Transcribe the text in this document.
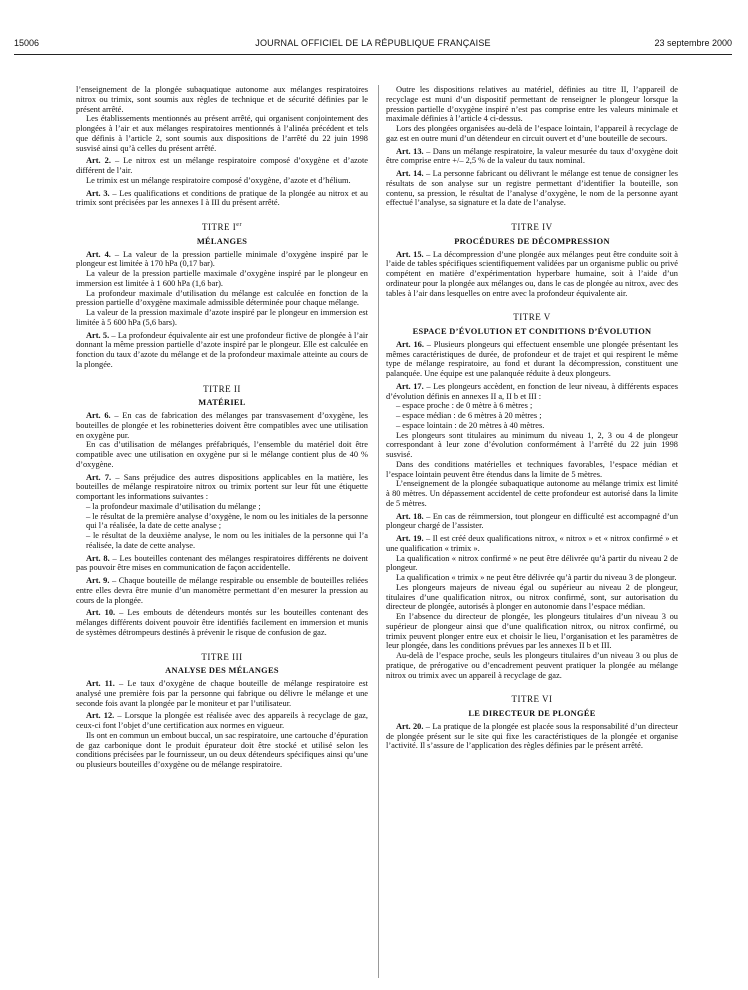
15006	JOURNAL OFFICIEL DE LA RÉPUBLIQUE FRANÇAISE	23 septembre 2000

l’enseignement de la plongée subaquatique autonome aux mélanges respiratoires nitrox ou trimix, sont soumis aux règles de technique et de sécurité définies par le présent arrêté.

Les établissements mentionnés au présent arrêté, qui organisent conjointement des plongées à l’air et aux mélanges respiratoires mentionnés à l’alinéa précédent et tels que définis à l’article 2, sont soumis aux dispositions de l’arrêté du 22 juin 1998 susvisé ainsi qu’à celles du présent arrêté.

Art. 2. – Le nitrox est un mélange respiratoire composé d’oxygène et d’azote différent de l’air.

Le trimix est un mélange respiratoire composé d’oxygène, d’azote et d’hélium.

Art. 3. – Les qualifications et conditions de pratique de la plongée au nitrox et au trimix sont précisées par les annexes I à III du présent arrêté.

TITRE Ier

MÉLANGES

Art. 4. – La valeur de la pression partielle minimale d’oxygène inspiré par le plongeur est limitée à 170 hPa (0,17 bar).

La valeur de la pression partielle maximale d’oxygène inspiré par le plongeur en immersion est limitée à 1 600 hPa (1,6 bar).

La profondeur maximale d’utilisation du mélange est calculée en fonction de la pression partielle d’oxygène maximale admissible déterminée pour chaque mélange.

La valeur de la pression maximale d’azote inspiré par le plongeur en immersion est limitée à 5 600 hPa (5,6 bars).

Art. 5. – La profondeur équivalente air est une profondeur fictive de plongée à l’air donnant la même pression partielle d’azote inspiré par le plongeur. Elle est calculée en fonction du taux d’azote du mélange et de la profondeur maximale atteinte au cours de la plongée.

TITRE II

MATÉRIEL

Art. 6. – En cas de fabrication des mélanges par transvasement d’oxygène, les bouteilles de plongée et les robinetteries doivent être compatibles avec une utilisation en oxygène pur.

En cas d’utilisation de mélanges préfabriqués, l’ensemble du matériel doit être compatible avec une utilisation en oxygène pur si le mélange contient plus de 40 % d’oxygène.

Art. 7. – Sans préjudice des autres dispositions applicables en la matière, les bouteilles de mélange respiratoire nitrox ou trimix portent sur leur fût une étiquette comportant les informations suivantes :

– la profondeur maximale d’utilisation du mélange ;

– le résultat de la première analyse d’oxygène, le nom ou les initiales de la personne qui l’a réalisée, la date de cette analyse ;

– le résultat de la deuxième analyse, le nom ou les initiales de la personne qui l’a réalisée, la date de cette analyse.

Art. 8. – Les bouteilles contenant des mélanges respiratoires différents ne doivent pas pouvoir être mises en communication de façon accidentelle.

Art. 9. – Chaque bouteille de mélange respirable ou ensemble de bouteilles reliées entre elles devra être munie d’un manomètre permettant d’en mesurer la pression au cours de la plongée.

Art. 10. – Les embouts de détendeurs montés sur les bouteilles contenant des mélanges différents doivent pouvoir être identifiés facilement en immersion et munis de systèmes détrompeurs destinés à prévenir le risque de confusion de gaz.

TITRE III

ANALYSE DES MÉLANGES

Art. 11. – Le taux d’oxygène de chaque bouteille de mélange respiratoire est analysé une première fois par la personne qui fabrique ou délivre le mélange et une seconde fois avant la plongée par le moniteur et par l’utilisateur.

Art. 12. – Lorsque la plongée est réalisée avec des appareils à recyclage de gaz, ceux-ci font l’objet d’une certification aux normes en vigueur.

Ils ont en commun un embout buccal, un sac respiratoire, une cartouche d’épuration de gaz carbonique dont le produit épurateur doit être stocké et utilisé selon les conditions précisées par le fournisseur, un ou deux détendeurs spécifiques ainsi qu’une ou plusieurs bouteilles d’oxygène ou de mélange respiratoire.

Outre les dispositions relatives au matériel, définies au titre II, l’appareil de recyclage est muni d’un dispositif permettant de renseigner le plongeur lorsque la pression partielle d’oxygène inspiré n’est pas comprise entre les valeurs minimale et maximale définies à l’article 4 ci-dessus.

Lors des plongées organisées au-delà de l’espace lointain, l’appareil à recyclage de gaz est en outre muni d’un détendeur en circuit ouvert et d’une bouteille de secours.

Art. 13. – Dans un mélange respiratoire, la valeur mesurée du taux d’oxygène doit être comprise entre +/– 2,5 % de la valeur du taux nominal.

Art. 14. – La personne fabricant ou délivrant le mélange est tenue de consigner les résultats de son analyse sur un registre permettant d’identifier la bouteille, son contenu, sa pression, le résultat de l’analyse d’oxygène, le nom de la personne ayant effectué l’analyse, sa signature et la date de l’analyse.

TITRE IV

PROCÉDURES DE DÉCOMPRESSION

Art. 15. – La décompression d’une plongée aux mélanges peut être conduite soit à l’aide de tables spécifiques scientifiquement validées par un organisme public ou privé compétent en matière d’expérimentation hyperbare humaine, soit à l’aide d’un ordinateur pour la plongée aux mélanges ou, dans le cas de plongée au nitrox, avec des tables à l’air dans lesquelles on entre avec la profondeur équivalente air.

TITRE V

ESPACE D’ÉVOLUTION ET CONDITIONS D’ÉVOLUTION

Art. 16. – Plusieurs plongeurs qui effectuent ensemble une plongée présentant les mêmes caractéristiques de durée, de profondeur et de trajet et qui respirent le même type de mélange respiratoire, au fond et durant la décompression, constituent une palanquée. Une équipe est une palanquée réduite à deux plongeurs.

Art. 17. – Les plongeurs accèdent, en fonction de leur niveau, à différents espaces d’évolution définis en annexes II a, II b et III :

– espace proche : de 0 mètre à 6 mètres ;

– espace médian : de 6 mètres à 20 mètres ;

– espace lointain : de 20 mètres à 40 mètres.

Les plongeurs sont titulaires au minimum du niveau 1, 2, 3 ou 4 de plongeur correspondant à leur zone d’évolution conformément à l’arrêté du 22 juin 1998 susvisé.

Dans des conditions matérielles et techniques favorables, l’espace médian et l’espace lointain peuvent être étendus dans la limite de 5 mètres.

L’enseignement de la plongée subaquatique autonome au mélange trimix est limité à 80 mètres. Un dépassement accidentel de cette profondeur est autorisé dans la limite de 5 mètres.

Art. 18. – En cas de réimmersion, tout plongeur en difficulté est accompagné d’un plongeur chargé de l’assister.

Art. 19. – Il est créé deux qualifications nitrox, « nitrox » et « nitrox confirmé » et une qualification « trimix ».

La qualification « nitrox confirmé » ne peut être délivrée qu’à partir du niveau 2 de plongeur.

La qualification « trimix » ne peut être délivrée qu’à partir du niveau 3 de plongeur.

Les plongeurs majeurs de niveau égal ou supérieur au niveau 2 de plongeur, titulaires d’une qualification nitrox, ou nitrox confirmé, sont, sur autorisation du directeur de plongée, autorisés à plonger en autonomie dans l’espace médian.

En l’absence du directeur de plongée, les plongeurs titulaires d’un niveau 3 ou supérieur de plongeur ainsi que d’une qualification nitrox, ou nitrox confirmé, ou trimix peuvent plonger entre eux et choisir le lieu, l’organisation et les paramètres de leur plongée, dans les conditions prévues par les annexes II b et III.

Au-delà de l’espace proche, seuls les plongeurs titulaires d’un niveau 3 ou plus de pratique, de prérogative ou d’encadrement peuvent pratiquer la plongée au mélange nitrox ou trimix avec un appareil à recyclage de gaz.

TITRE VI

LE DIRECTEUR DE PLONGÉE

Art. 20. – La pratique de la plongée est placée sous la responsabilité d’un directeur de plongée présent sur le site qui fixe les caractéristiques de la plongée et organise l’activité. Il s’assure de l’application des règles définies par le présent arrêté.
